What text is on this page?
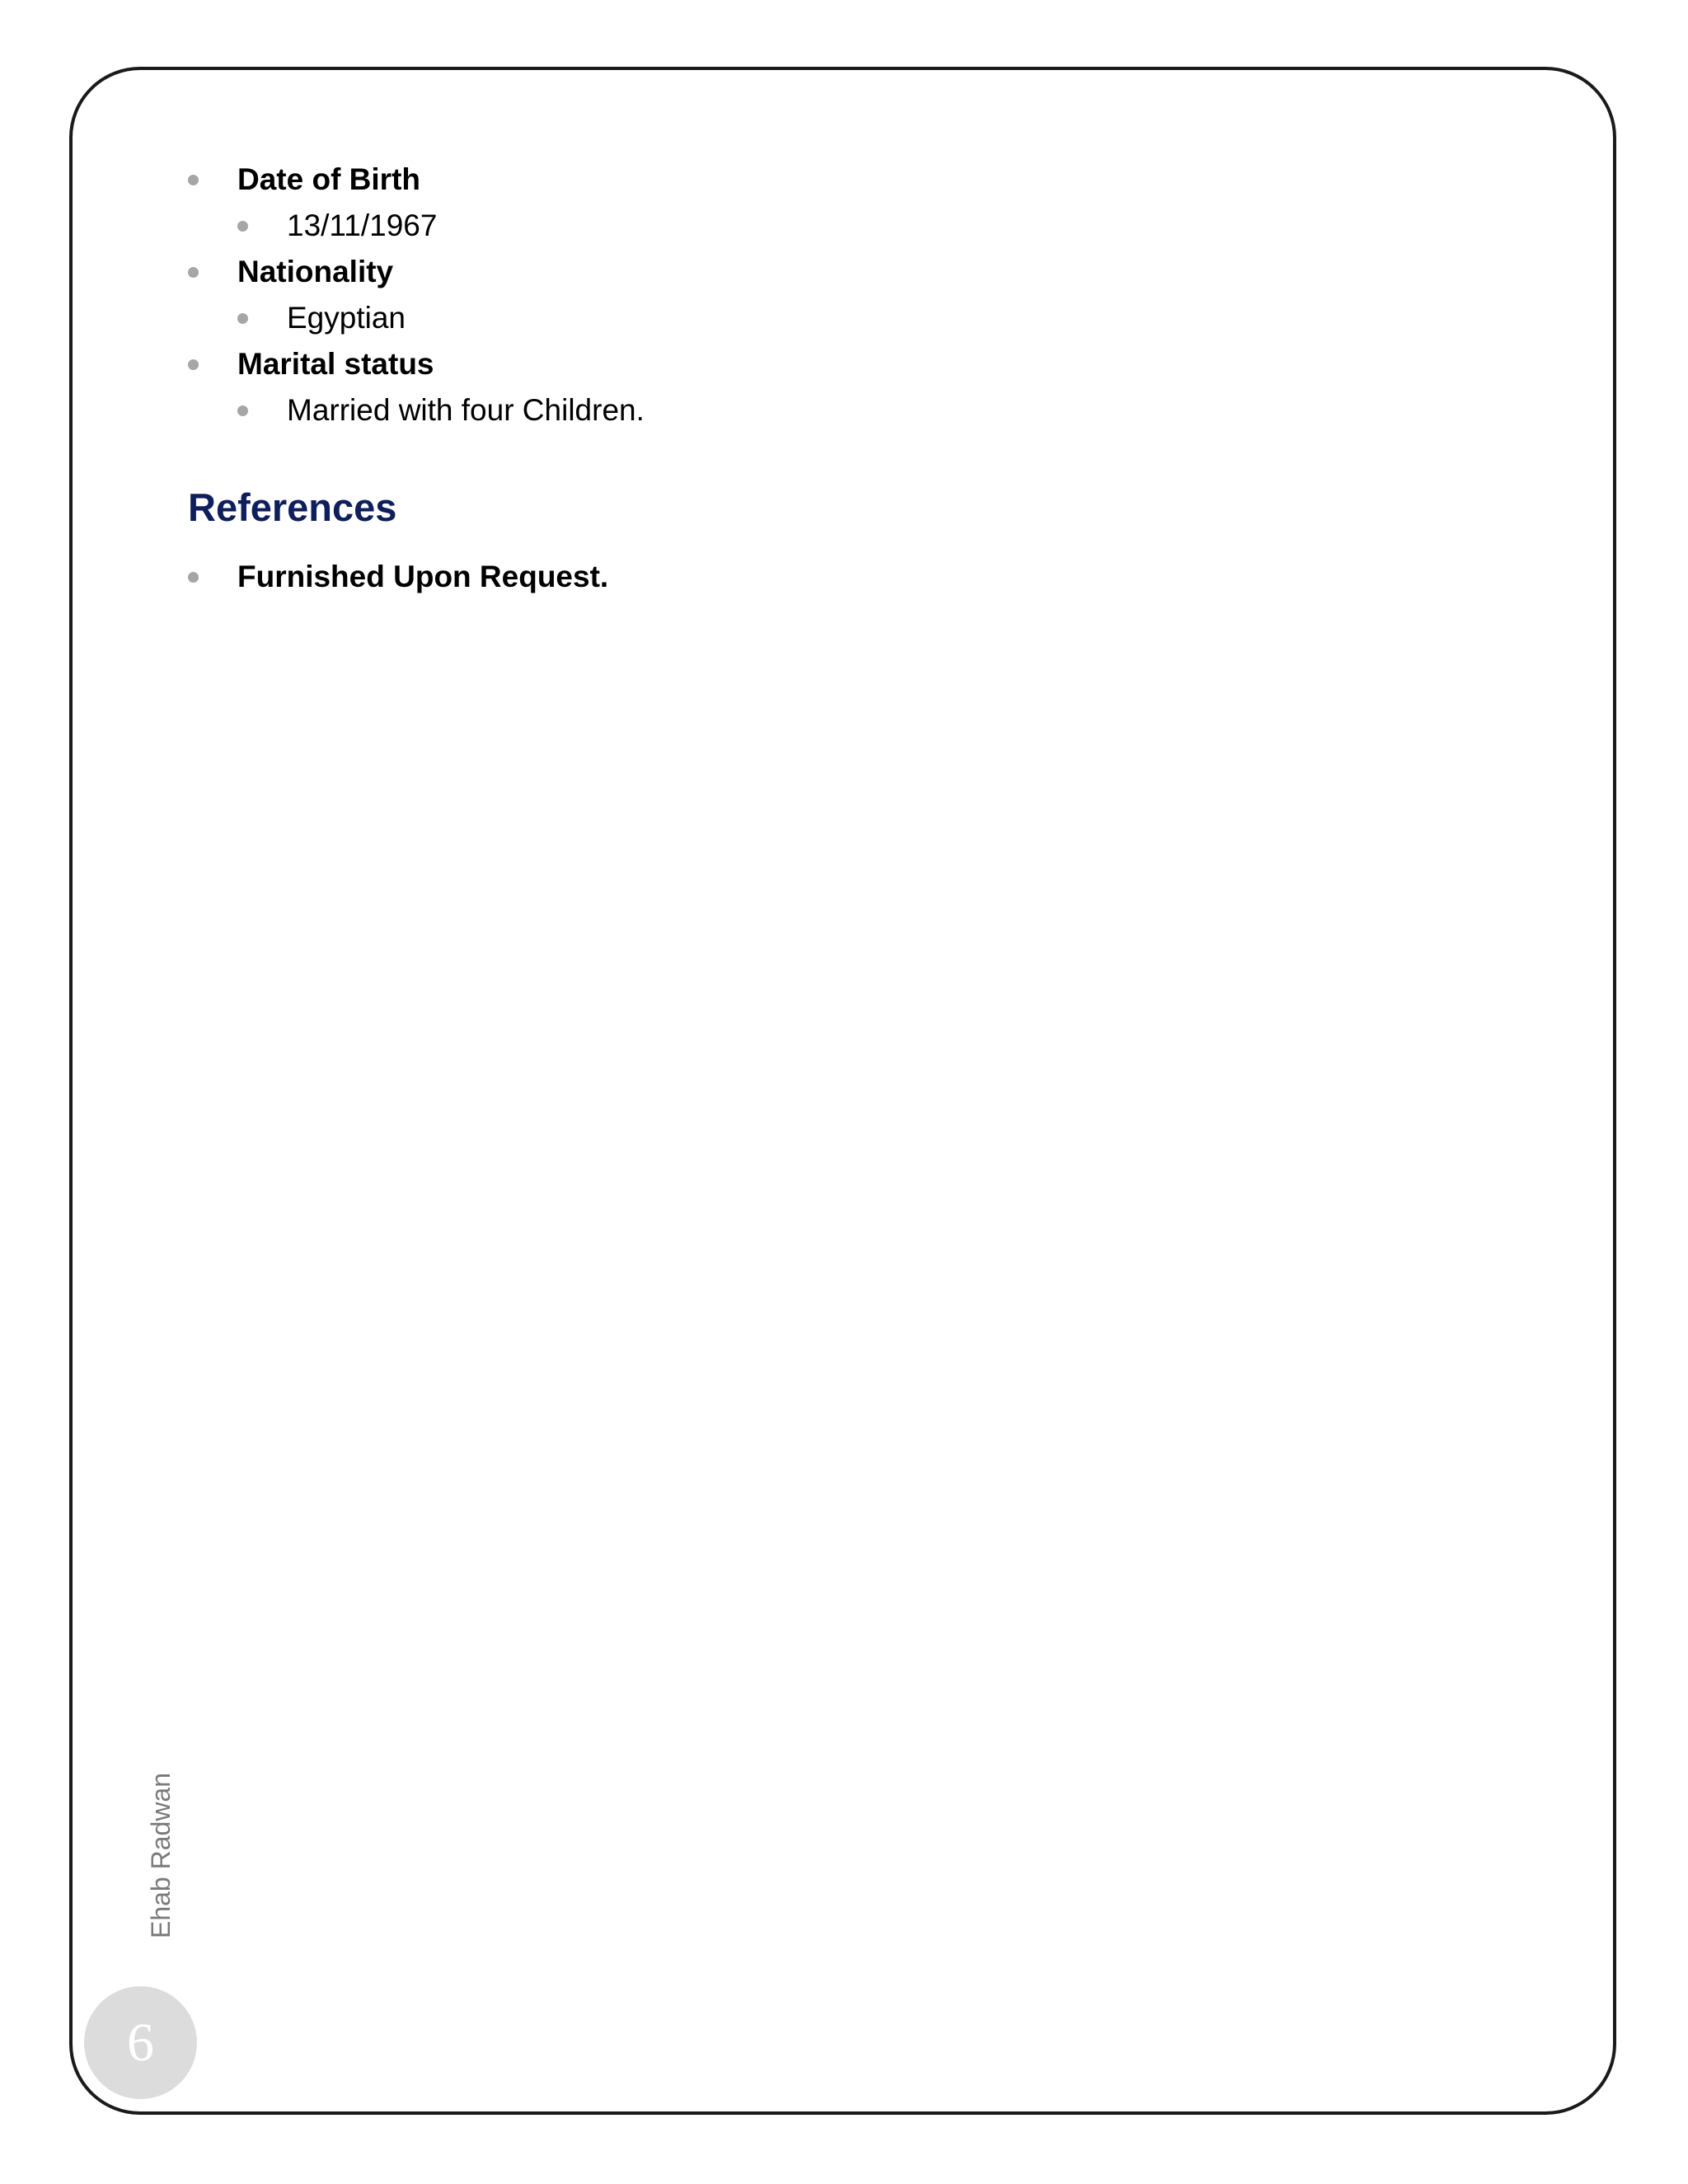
Date of Birth
13/11/1967
Nationality
Egyptian
Marital status
Married with four Children.
References
Furnished Upon Request.
Ehab Radwan
6
